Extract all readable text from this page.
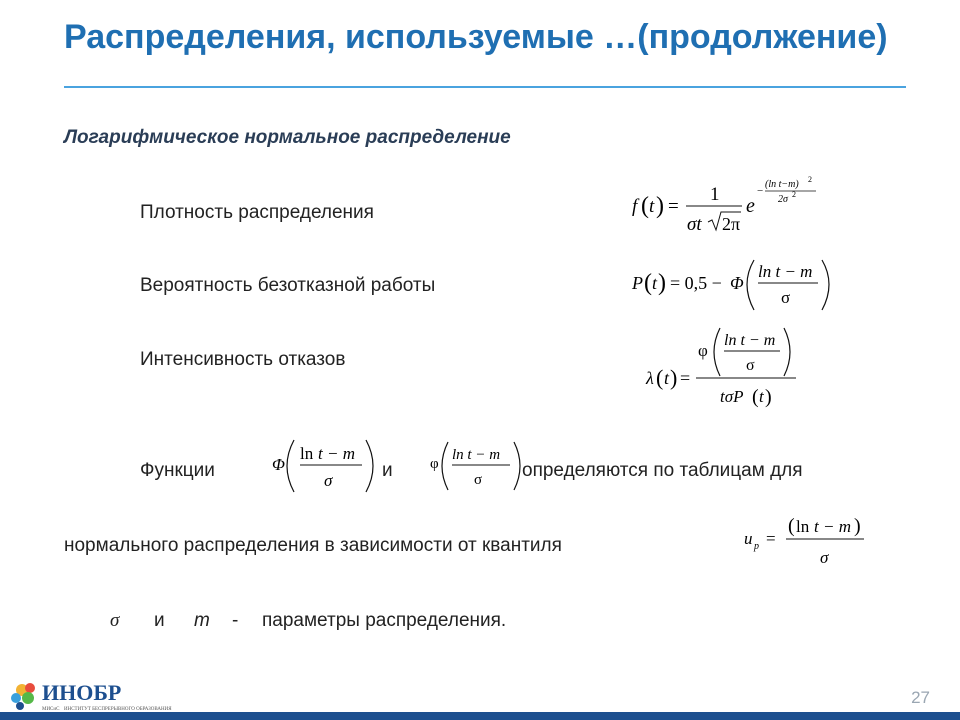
Распределения, используемые …(продолжение)
Логарифмическое нормальное распределение
Плотность распределения	f ( t ) =
1
σt 2π
e
−
(ln t−m) 2
2σ 2
Вероятность безотказной работы	P ( t ) = 0,5 − Φ
ln t − m
σ
Интенсивность отказов	φ
ln t − m
σ
λ ( t ) =
tσP ( t )
Функции	Φ
ln t − m
σ	и φ
ln t − m
σ определяются по таблицам для
нормального распределения в зависимости от квантиля	u p =
( ln t − m )
σ
σ и m - параметры распределения.
ИНОБР
МИСиС ИНСТИТУТ БЕСПРЕРЫВНОГО ОБРАЗОВАНИЯ
27
